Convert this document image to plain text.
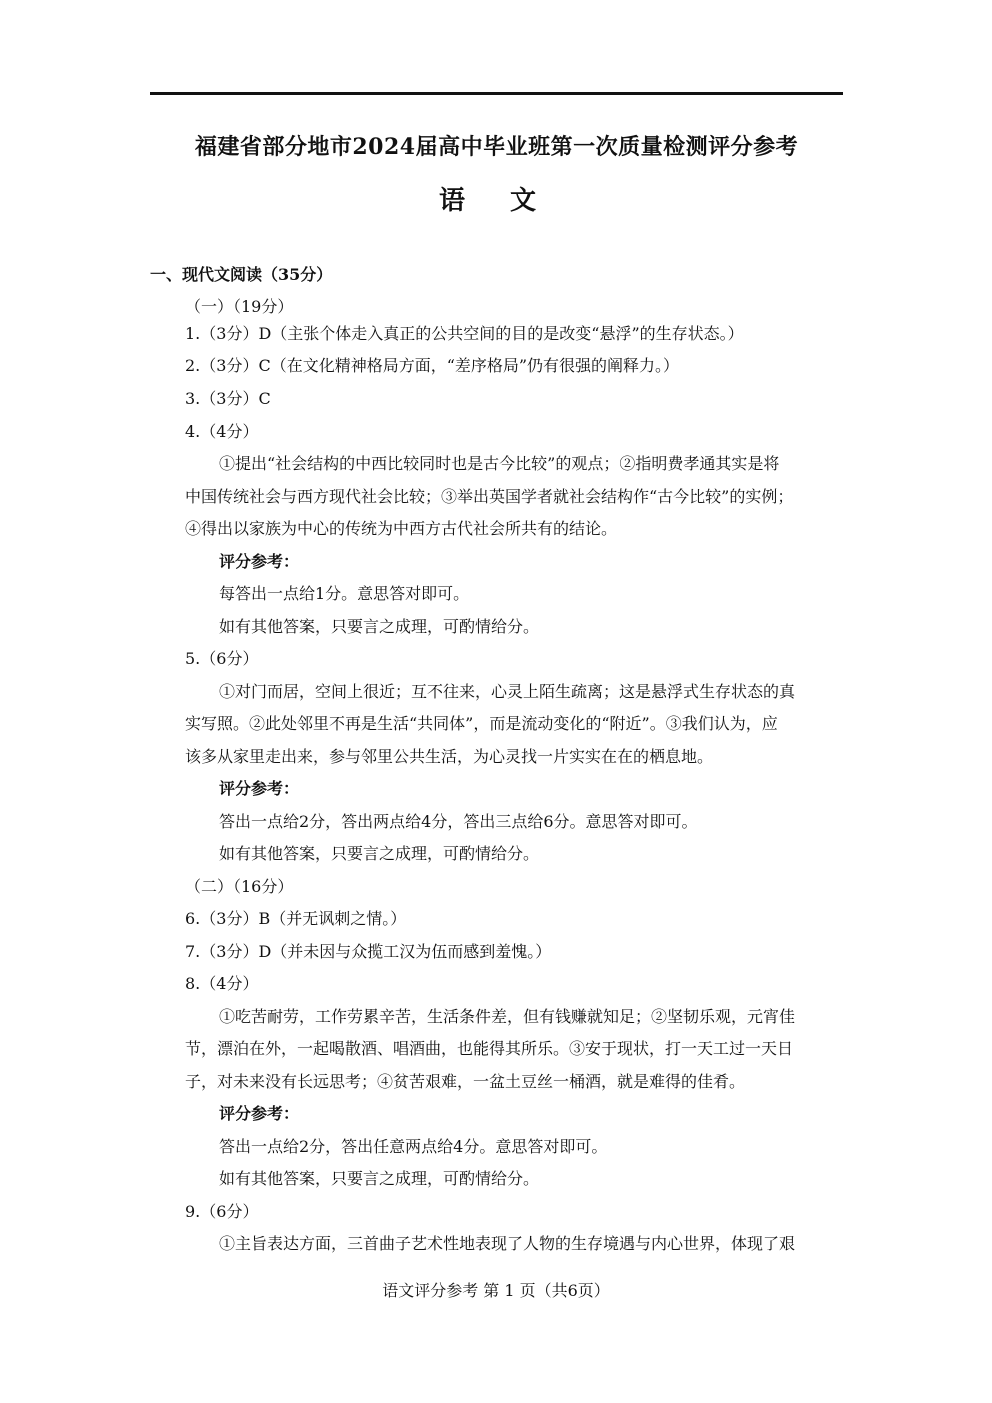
福建省部分地市2024届高中毕业班第一次质量检测评分参考
语 文
一、现代文阅读（35分）
（一）（19分）
1.（3分）D（主张个体走入真正的公共空间的目的是改变“悬浮”的生存状态。）
2.（3分）C（在文化精神格局方面，“差序格局”仍有很强的阐释力。）
3.（3分）C
4.（4分）
①提出“社会结构的中西比较同时也是古今比较”的观点；②指明费孝通其实是将
中国传统社会与西方现代社会比较；③举出英国学者就社会结构作“古今比较”的实例；
④得出以家族为中心的传统为中西方古代社会所共有的结论。
评分参考：
每答出一点给1分。意思答对即可。
如有其他答案，只要言之成理，可酌情给分。
5.（6分）
①对门而居，空间上很近；互不往来，心灵上陌生疏离；这是悬浮式生存状态的真
实写照。②此处邻里不再是生活“共同体”，而是流动变化的“附近”。③我们认为，应
该多从家里走出来，参与邻里公共生活，为心灵找一片实实在在的栖息地。
评分参考：
答出一点给2分，答出两点给4分，答出三点给6分。意思答对即可。
如有其他答案，只要言之成理，可酌情给分。
（二）（16分）
6.（3分）B（并无讽刺之情。）
7.（3分）D（并未因与众揽工汉为伍而感到羞愧。）
8.（4分）
①吃苦耐劳，工作劳累辛苦，生活条件差，但有钱赚就知足；②坚韧乐观，元宵佳
节，漂泊在外，一起喝散酒、唱酒曲，也能得其所乐。③安于现状，打一天工过一天日
子，对未来没有长远思考；④贫苦艰难，一盆土豆丝一桶酒，就是难得的佳肴。
评分参考：
答出一点给2分，答出任意两点给4分。意思答对即可。
如有其他答案，只要言之成理，可酌情给分。
9.（6分）
①主旨表达方面，三首曲子艺术性地表现了人物的生存境遇与内心世界，体现了艰
语文评分参考 第 1 页（共6页）
